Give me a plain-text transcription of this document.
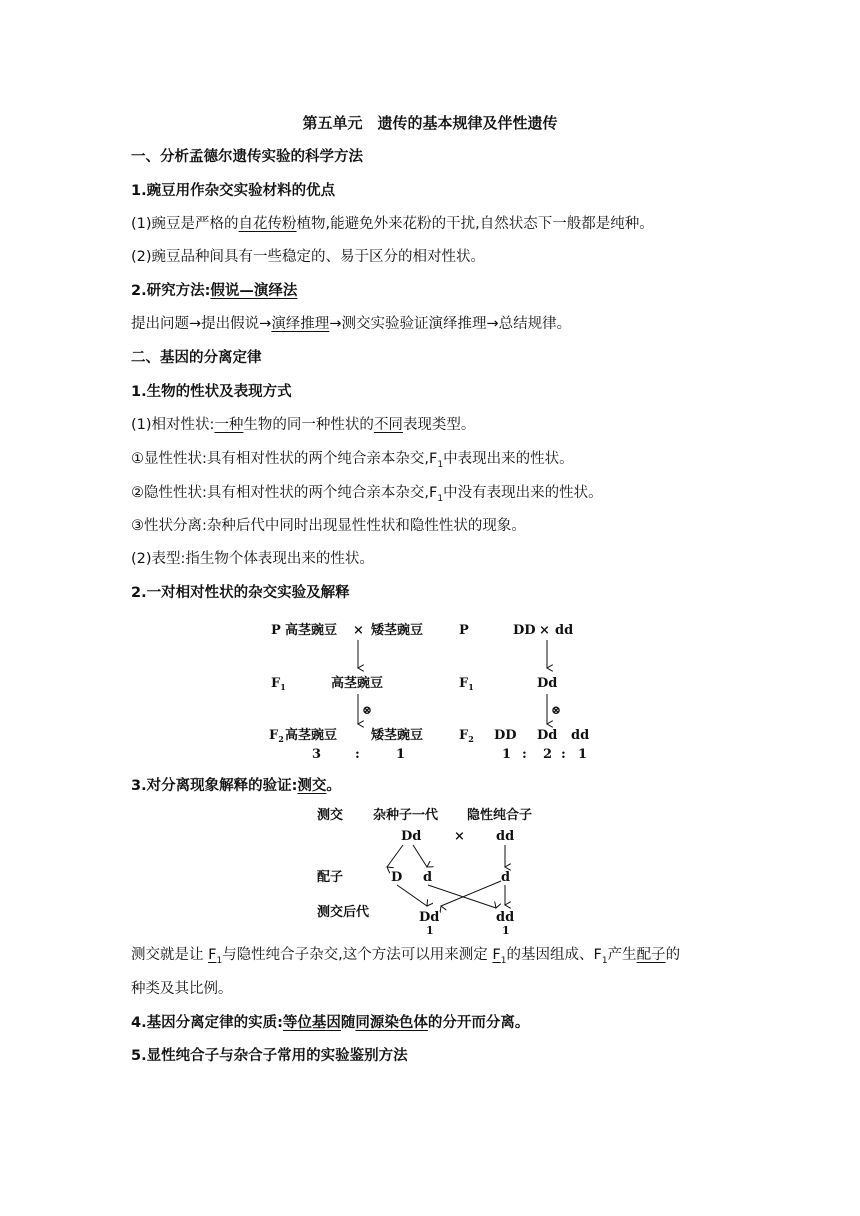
第五单元　遗传的基本规律及伴性遗传
一、分析孟德尔遗传实验的科学方法
1.豌豆用作杂交实验材料的优点
(1)豌豆是严格的自花传粉植物,能避免外来花粉的干扰,自然状态下一般都是纯种。
(2)豌豆品种间具有一些稳定的、易于区分的相对性状。
2.研究方法:假说—演绎法
提出问题→提出假说→演绎推理→测交实验验证演绎推理→总结规律。
二、基因的分离定律
1.生物的性状及表现方式
(1)相对性状:一种生物的同一种性状的不同表现类型。
①显性性状:具有相对性状的两个纯合亲本杂交$,F_1$中表现出来的性状。
②隐性性状:具有相对性状的两个纯合亲本杂交$,F_1$中没有表现出来的性状。
③性状分离:杂种后代中同时出现显性性状和隐性性状的现象。
(2)表型:指生物个体表现出来的性状。
2.一对相对性状的杂交实验及解释
P 高茎豌豆 × 矮茎豌豆
$F_1$	高茎豌豆
⊗
$F_2$ 高茎豌豆	矮茎豌豆
3	:	1
P	DD × dd
$F_1$	Dd
⊗
$F_2$ DD Dd dd
1 : 2 : 1
3.对分离现象解释的验证:测交。
测交 杂种子一代 隐性纯合子
Dd	× dd
配子	D d	d
测交后代	Dd	dd
1	1
测交就是让 $F_1$与隐性纯合子杂交,这个方法可以用来测定 $F_1$的基因组成、$F_1$产生配子的
种类及其比例。
4.基因分离定律的实质:等位基因随同源染色体的分开而分离。
5.显性纯合子与杂合子常用的实验鉴别方法
